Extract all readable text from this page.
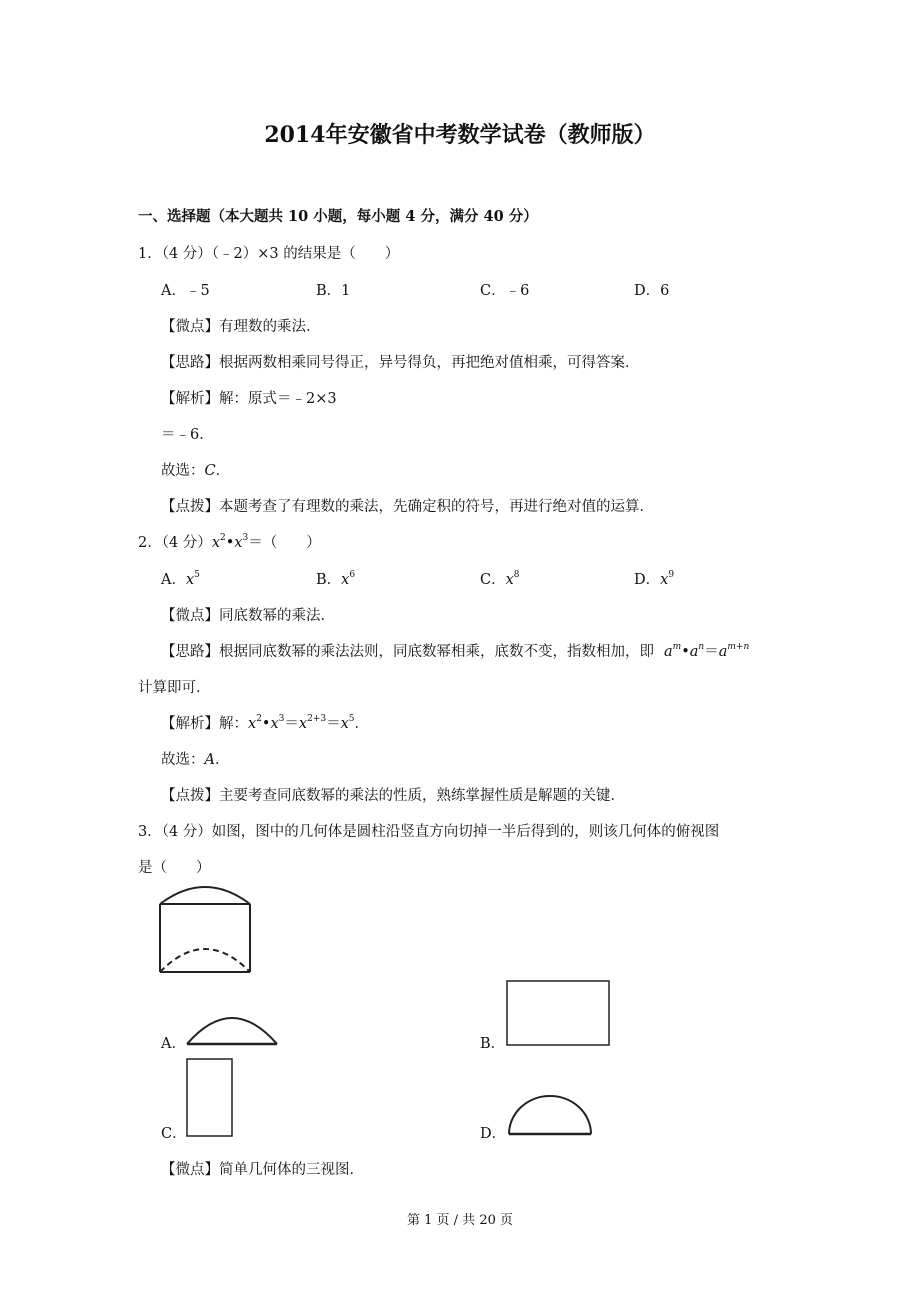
2014年安徽省中考数学试卷（教师版）
一、选择题（本大题共 10 小题，每小题 4 分，满分 40 分）
1．（4 分）（﹣2）×3 的结果是（　　）
A．﹣5	B．1	C．﹣6	D．6
【微点】有理数的乘法．
【思路】根据两数相乘同号得正，异号得负，再把绝对值相乘，可得答案．
【解析】解：原式＝﹣2×3
＝﹣6．
故选：C．
【点拨】本题考查了有理数的乘法，先确定积的符号，再进行绝对值的运算．
2．（4 分）$x^2•x^3=$（　　）
A．$x^5$	B．$x^6$	C．$x^8$	D．$x^9$
【微点】同底数幂的乘法．
【思路】根据同底数幂的乘法法则，同底数幂相乘，底数不变，指数相加，即 $a^m•a^n=a^{m+n}$
计算即可．
【解析】解：$x^2•x^3=x^{2+3}=x^5$．
故选：A．
【点拨】主要考查同底数幂的乘法的性质，熟练掌握性质是解题的关键．
3．（4 分）如图，图中的几何体是圆柱沿竖直方向切掉一半后得到的，则该几何体的俯视图
是（　　）
A．	B．
C．	D．
【微点】简单几何体的三视图．
第 1 页 / 共 20 页
